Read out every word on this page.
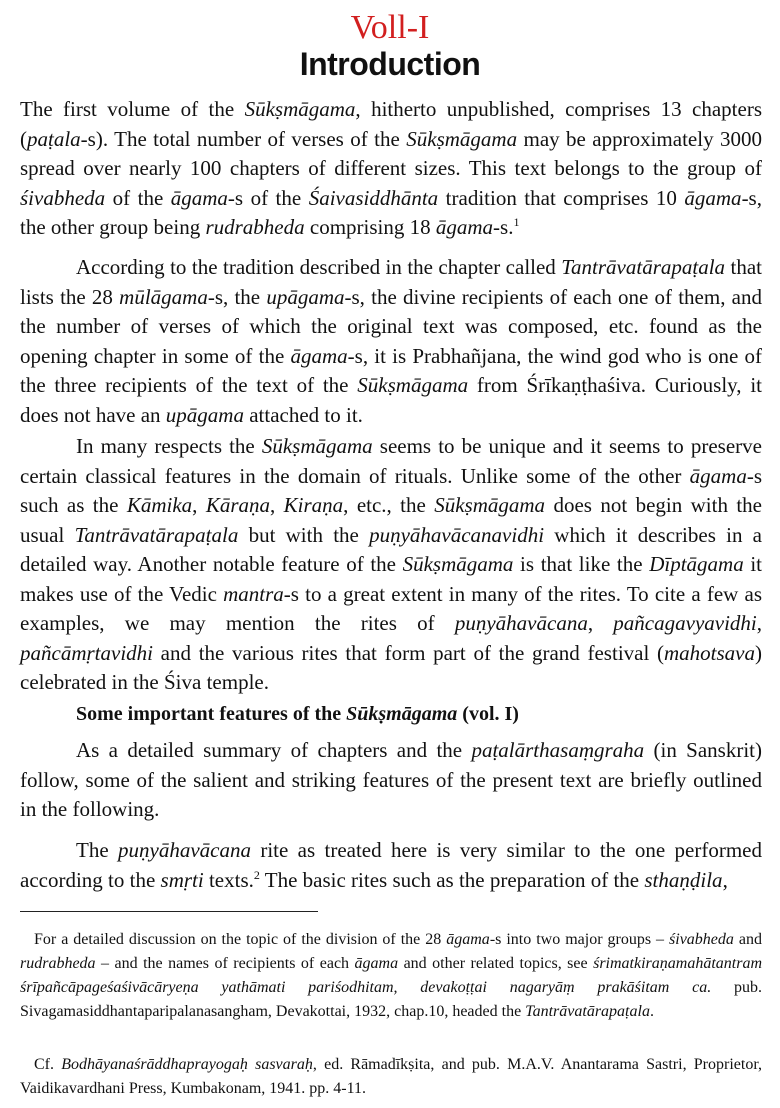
Voll-I
Introduction
The first volume of the Sūkṣmāgama, hitherto unpublished, comprises 13 chapters (paṭala-s). The total number of verses of the Sūkṣmāgama may be approximately 3000 spread over nearly 100 chapters of different sizes. This text belongs to the group of śivabheda of the āgama-s of the Śaivasiddhānta tradition that comprises 10 āgama-s, the other group being rudrabheda comprising 18 āgama-s.$^1$
According to the tradition described in the chapter called Tantrāvatārapaṭala that lists the 28 mūlāgama-s, the upāgama-s, the divine recipients of each one of them, and the number of verses of which the original text was composed, etc. found as the opening chapter in some of the āgama-s, it is Prabhañjana, the wind god who is one of the three recipients of the text of the Sūkṣmāgama from Śrīkaṇṭhaśiva. Curiously, it does not have an upāgama attached to it.
In many respects the Sūkṣmāgama seems to be unique and it seems to preserve certain classical features in the domain of rituals. Unlike some of the other āgama-s such as the Kāmika, Kāraṇa, Kiraṇa, etc., the Sūkṣmāgama does not begin with the usual Tantrāvatārapaṭala but with the puṇyāhavācanavidhi which it describes in a detailed way. Another notable feature of the Sūkṣmāgama is that like the Dīptāgama it makes use of the Vedic mantra-s to a great extent in many of the rites. To cite a few as examples, we may mention the rites of puṇyāhavācana, pañcagavyavidhi, pañcāmṛtavidhi and the various rites that form part of the grand festival (mahotsava) celebrated in the Śiva temple.
Some important features of the Sūkṣmāgama (vol. I)
As a detailed summary of chapters and the paṭalārthasaṃgraha (in Sanskrit) follow, some of the salient and striking features of the present text are briefly outlined in the following.
The puṇyāhavācana rite as treated here is very similar to the one performed according to the smṛti texts.$^2$ The basic rites such as the preparation of the sthaṇḍila,
For a detailed discussion on the topic of the division of the 28 āgama-s into two major groups – śivabheda and rudrabheda – and the names of recipients of each āgama and other related topics, see śrimatkiraṇamahātantram śrīpañcāpageśaśivācāryeṇa yathāmati pariśodhitam, devakoṭṭai nagaryāṃ prakāśitam ca. pub. Sivagamasiddhantaparipalanasangham, Devakottai, 1932, chap.10, headed the Tantrāvatārapaṭala.
Cf. Bodhāyanaśrāddhaprayogaḥ sasvaraḥ, ed. Rāmadīkṣita, and pub. M.A.V. Anantarama Sastri, Proprietor, Vaidikavardhani Press, Kumbakonam, 1941. pp. 4-11.
